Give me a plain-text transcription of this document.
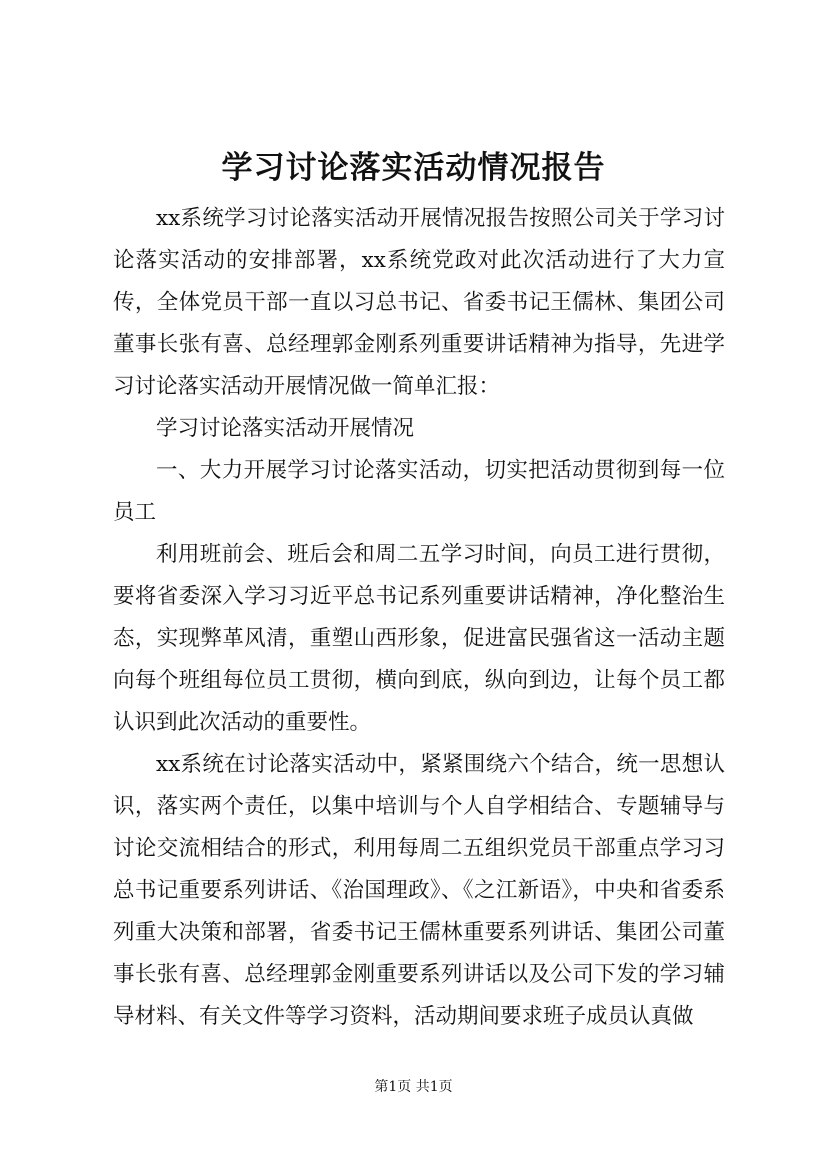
学习讨论落实活动情况报告

xx系统学习讨论落实活动开展情况报告按照公司关于学习讨论落实活动的安排部署，xx系统党政对此次活动进行了大力宣传，全体党员干部一直以习总书记、省委书记王儒林、集团公司董事长张有喜、总经理郭金刚系列重要讲话精神为指导，先进学习讨论落实活动开展情况做一简单汇报：

学习讨论落实活动开展情况

一、大力开展学习讨论落实活动，切实把活动贯彻到每一位员工

利用班前会、班后会和周二五学习时间，向员工进行贯彻，要将省委深入学习习近平总书记系列重要讲话精神，净化整治生态，实现弊革风清，重塑山西形象，促进富民强省这一活动主题向每个班组每位员工贯彻，横向到底，纵向到边，让每个员工都认识到此次活动的重要性。

xx系统在讨论落实活动中，紧紧围绕六个结合，统一思想认识，落实两个责任，以集中培训与个人自学相结合、专题辅导与讨论交流相结合的形式，利用每周二五组织党员干部重点学习习总书记重要系列讲话、《治国理政》、《之江新语》，中央和省委系列重大决策和部署，省委书记王儒林重要系列讲话、集团公司董事长张有喜、总经理郭金刚重要系列讲话以及公司下发的学习辅导材料、有关文件等学习资料，活动期间要求班子成员认真做

第1页 共1页
